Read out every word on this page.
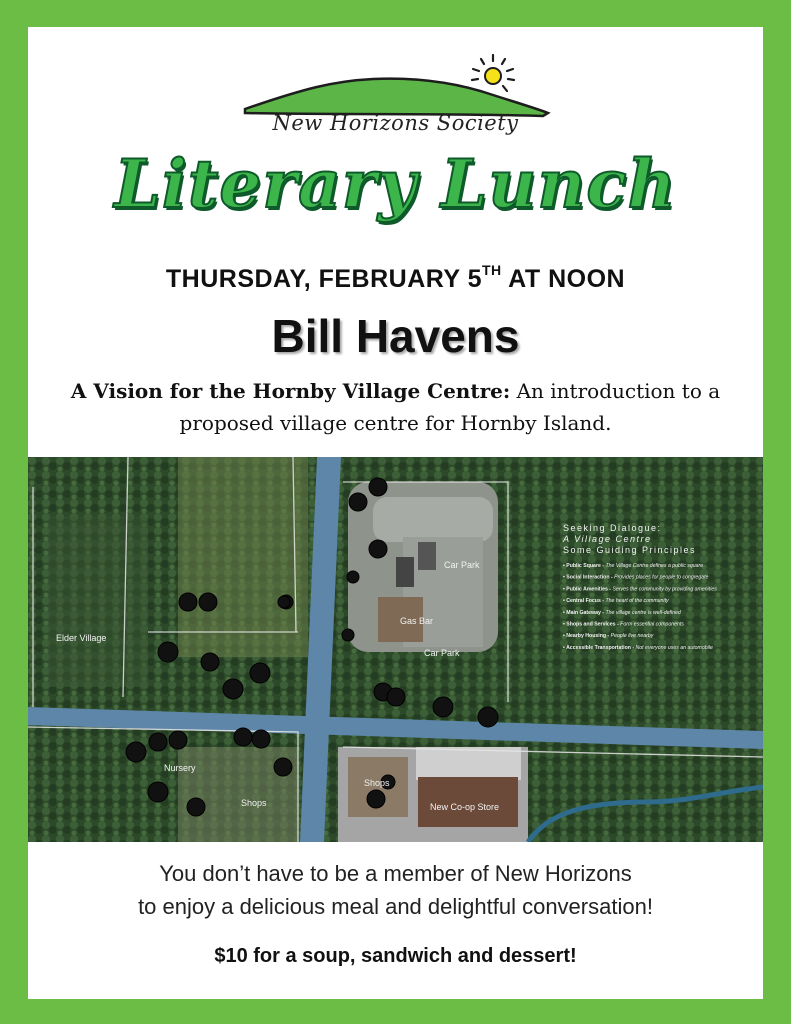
New Horizons Society
Literary Lunch
THURSDAY, FEBRUARY 5TH AT NOON
Bill Havens
A Vision for the Hornby Village Centre: An introduction to a proposed village centre for Hornby Island.
Elder Village
Car Park
Gas Bar
Car Park
Nursery
Shops
Shops
New Co-op Store
Seeking Dialogue:
A Village Centre
Some Guiding Principles
• Public Square - The Village Centre defines a public square
• Social Interaction - Provides places for people to congregate
• Public Amenities - Serves the community by providing amenities
• Central Focus - The heart of the community
• Main Gateway - The village centre is well-defined
• Shops and Services - Form essential components
• Nearby Housing - People live nearby
• Accessible Transportation - Not everyone uses an automobile
You don’t have to be a member of New Horizons
to enjoy a delicious meal and delightful conversation!
$10 for a soup, sandwich and dessert!
